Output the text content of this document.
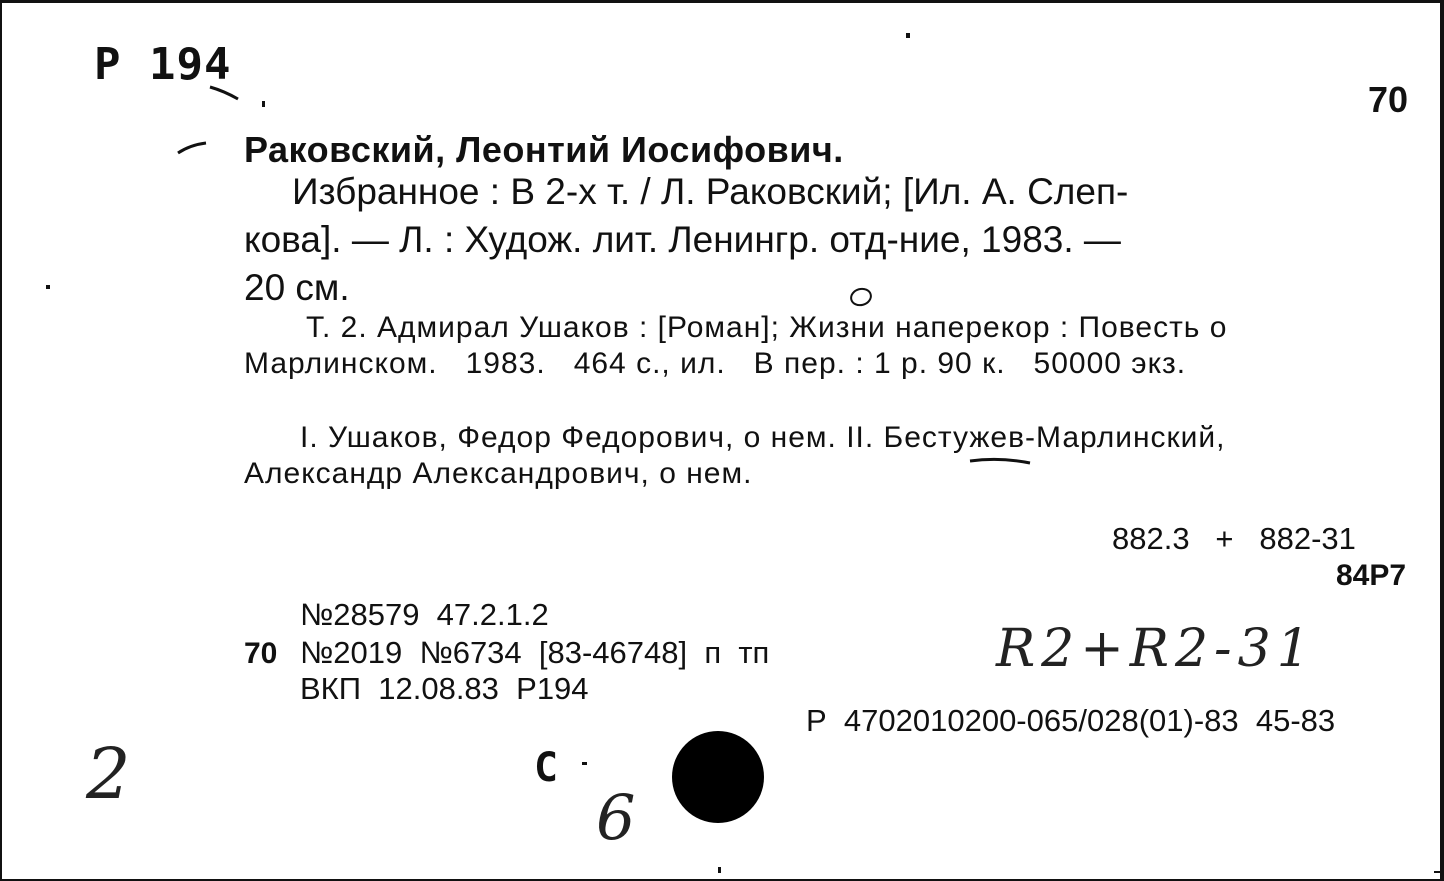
Р 194
70
Раковский, Леонтий Иосифович.
Избранное : В 2-х т. / Л. Раковский; [Ил. А. Слеп-
кова]. — Л. : Худож. лит. Ленингр. отд-ние, 1983. —
20 см.
Т. 2. Адмирал Ушаков : [Роман]; Жизни наперекор : Повесть о
Марлинском.   1983.   464 с., ил.   В пер. : 1 р. 90 к.   50000 экз.
I. Ушаков, Федор Федорович, о нем. II. Бестужев-Марлинский,
Александр Александрович, о нем.
882.3   +   882-31
84Р7
№28579  47.2.1.2
70 №2019  №6734  [83-46748]  п  тп
ВКП  12.08.83  Р194
R2+R2-31
Р  4702010200-065/028(01)-83  45-83
2	С
6
